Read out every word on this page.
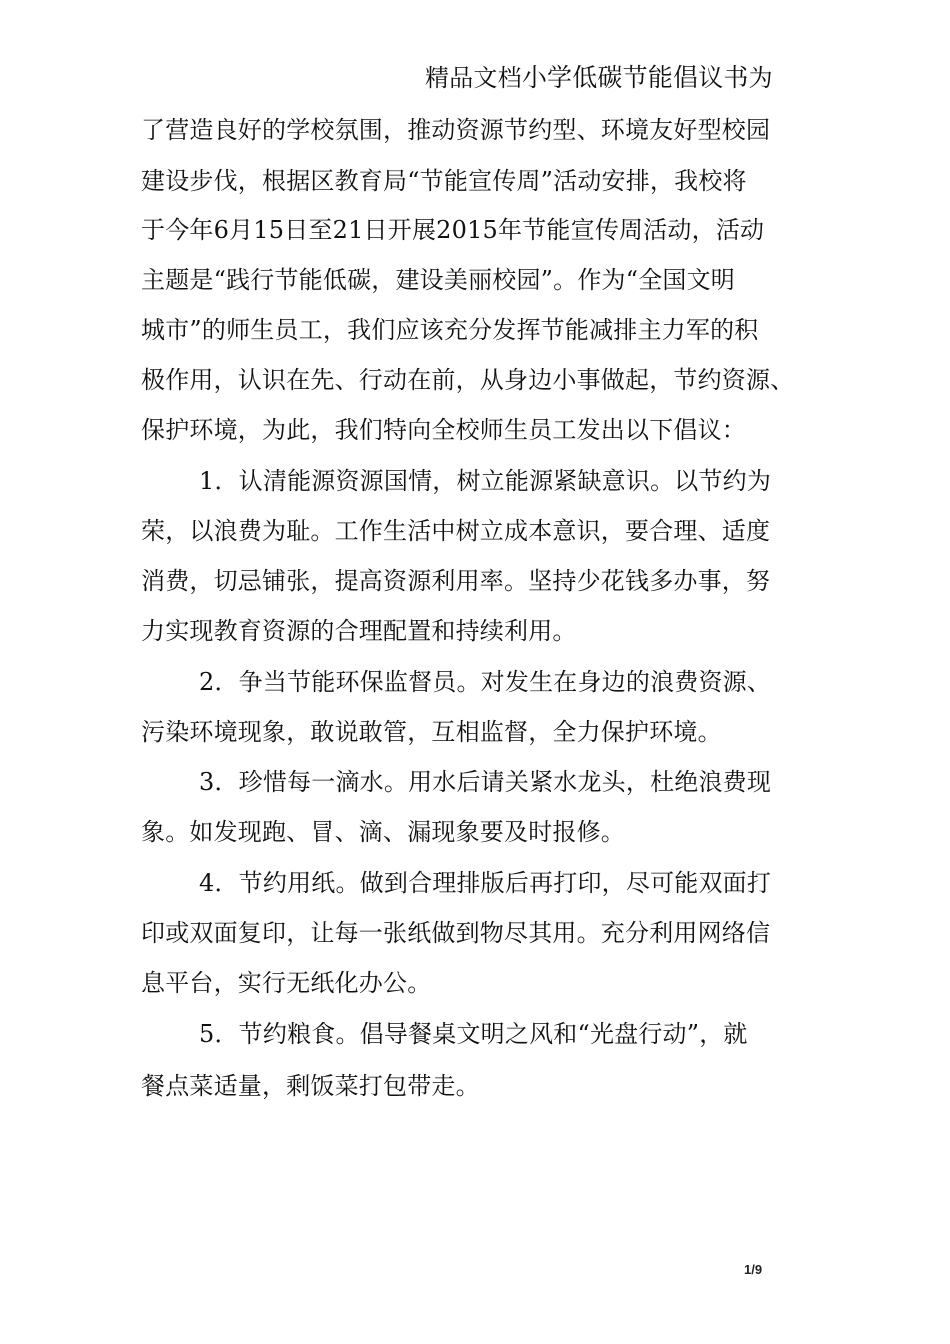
精品文档小学低碳节能倡议书为
了营造良好的学校氛围，推动资源节约型、环境友好型校园
建设步伐，根据区教育局“节能宣传周”活动安排，我校将
于今年6月15日至21日开展2015年节能宣传周活动，活动
主题是“践行节能低碳，建设美丽校园”。作为“全国文明
城市”的师生员工，我们应该充分发挥节能减排主力军的积
极作用，认识在先、行动在前，从身边小事做起，节约资源、
保护环境，为此，我们特向全校师生员工发出以下倡议：
1．认清能源资源国情，树立能源紧缺意识。以节约为
荣，以浪费为耻。工作生活中树立成本意识，要合理、适度
消费，切忌铺张，提高资源利用率。坚持少花钱多办事，努
力实现教育资源的合理配置和持续利用。
2．争当节能环保监督员。对发生在身边的浪费资源、
污染环境现象，敢说敢管，互相监督，全力保护环境。
3．珍惜每一滴水。用水后请关紧水龙头，杜绝浪费现
象。如发现跑、冒、滴、漏现象要及时报修。
4．节约用纸。做到合理排版后再打印，尽可能双面打
印或双面复印，让每一张纸做到物尽其用。充分利用网络信
息平台，实行无纸化办公。
5．节约粮食。倡导餐桌文明之风和“光盘行动”，就
餐点菜适量，剩饭菜打包带走。
1/9
